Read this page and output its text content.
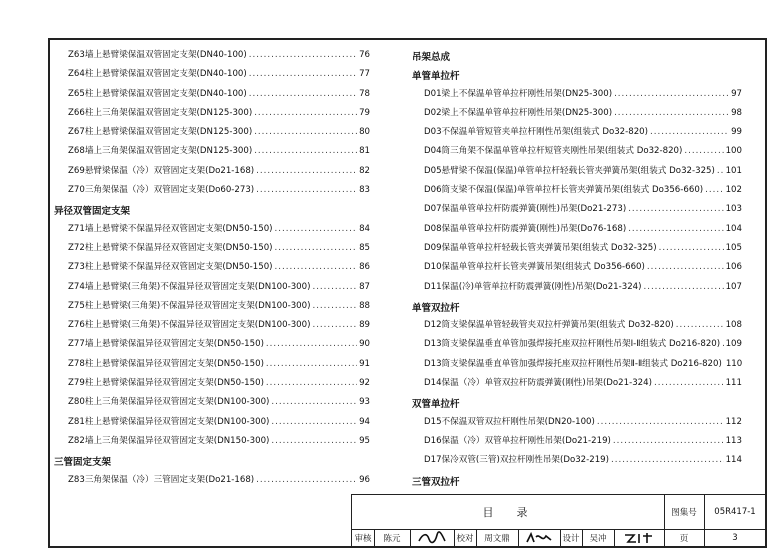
Z63墙上悬臂梁保温双管固定支架(DN40-100) .....	76
Z64柱上悬臂梁保温双管固定支架(DN40-100) .....	77
Z65柱上悬臂梁保温双管固定支架(DN40-100) .....	78
Z66柱上三角架保温双管固定支架(DN125-300) .....	79
Z67柱上悬臂梁保温双管固定支架(DN125-300) .....	80
Z68墙上三角架保温双管固定支架(DN125-300) .....	81
Z69悬臂梁保温（冷）双管固定支架(Do21-168) .....	82
Z70三角架保温（冷）双管固定支架(Do60-273) .....	83
异径双管固定支架
Z71墙上悬臂梁不保温异径双管固定支架(DN50-150) .....	84
Z72柱上悬臂梁不保温异径双管固定支架(DN50-150) .....	85
Z73柱上悬臂梁不保温异径双管固定支架(DN50-150) .....	86
Z74墙上悬臂梁(三角架)不保温异径双管固定支架(DN100-300) .....	87
Z75柱上悬臂梁(三角架)不保温异径双管固定支架(DN100-300) .....	88
Z76柱上悬臂梁(三角架)不保温异径双管固定支架(DN100-300) .....	89
Z77墙上悬臂梁保温异径双管固定支架(DN50-150) .....	90
Z78柱上悬臂梁保温异径双管固定支架(DN50-150) .....	91
Z79柱上悬臂梁保温异径双管固定支架(DN50-150) .....	92
Z80柱上三角架保温异径双管固定支架(DN100-300) .....	93
Z81柱上悬臂梁保温异径双管固定支架(DN100-300) .....	94
Z82墙上三角架保温异径双管固定支架(DN150-300) .....	95
三管固定支架
Z83三角架保温（冷）三管固定支架(Do21-168) .....	96
吊架总成
单管单拉杆
D01梁上不保温单管单拉杆刚性吊架(DN25-300) .....	97
D02梁上不保温单管单拉杆刚性吊架(DN25-300) .....	98
D03不保温单管短管夹单拉杆刚性吊架(组装式 Do32-820) .....	99
D04筒三角架不保温单管单拉杆短管夹刚性吊架(组装式 Do32-820) .....	100
D05悬臂梁不保温(保温)单管单拉杆轻载长管夹弹簧吊架(组装式 Do32-325) ..... 101
D06筒支梁不保温(保温)单管单拉杆长管夹弹簧吊架(组装式 Do356-660) .....	102
D07保温单管单拉杆防震弹簧(刚性)吊架(Do21-273) .....	103
D08保温单管单拉杆防震弹簧(刚性)吊架(Do76-168) .....	104
D09保温单管单拉杆轻载长管夹弹簧吊架(组装式 Do32-325) .....	105
D10保温单管单拉杆长管夹弹簧吊架(组装式 Do356-660) .....	106
D11保温(冷)单管单拉杆防震弹簧(刚性)吊架(Do21-324) .....	107
单管双拉杆
D12筒支梁保温单管轻载管夹双拉杆弹簧吊架(组装式 Do32-820) .....	108
D13筒支梁保温垂直单管加强焊接托座双拉杆刚性吊架Ⅰ-Ⅱ组装式 Do216-820) ..... 109
D13筒支梁保温垂直单管加强焊接托座双拉杆刚性吊架Ⅱ-Ⅱ组装式 Do216-820) 110
D14保温（冷）单管双拉杆防震弹簧(刚性)吊架(Do21-324) .....	111
双管单拉杆
D15不保温双管双拉杆刚性吊架(DN20-100) .....	112
D16保温（冷）双管单拉杆刚性吊架(Do21-219) .....	113
D17保冷双管(三管)双拉杆刚性吊架(Do32-219) .....	114
三管双拉杆
目　录	图集号	05R417-1
审核	陈元	校对	周文鼎	设计	吴冲	页	3
